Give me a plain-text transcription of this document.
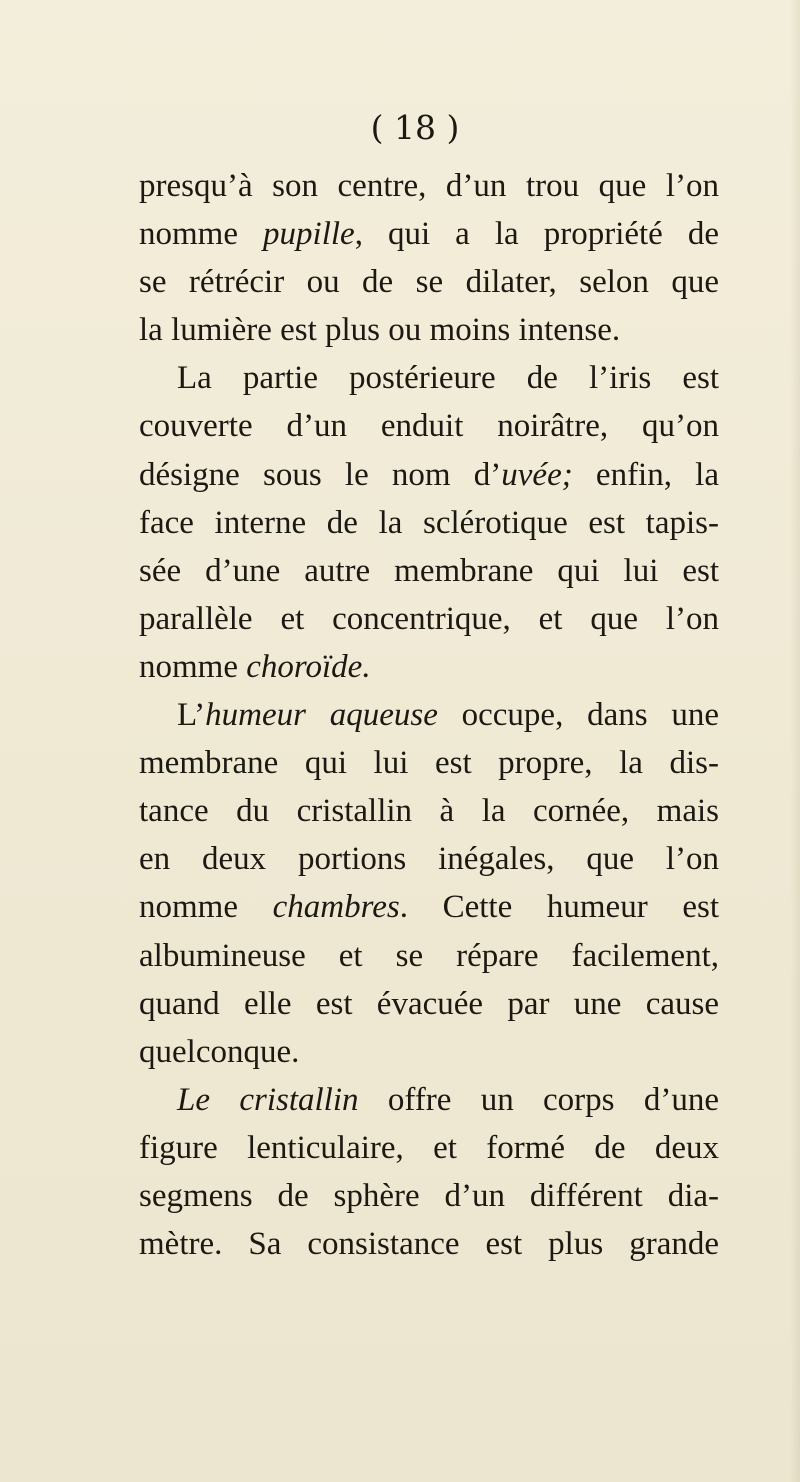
( 18 )
presqu’à son centre, d’un trou que l’on
nomme pupille, qui a la propriété de
se rétrécir ou de se dilater, selon que
la lumière est plus ou moins intense.
La partie postérieure de l’iris est
couverte d’un enduit noirâtre, qu’on
désigne sous le nom d’uvée; enfin, la
face interne de la sclérotique est tapis-
sée d’une autre membrane qui lui est
parallèle et concentrique, et que l’on
nomme choroïde.
L’humeur aqueuse occupe, dans une
membrane qui lui est propre, la dis-
tance du cristallin à la cornée, mais
en deux portions inégales, que l’on
nomme chambres. Cette humeur est
albumineuse et se répare facilement,
quand elle est évacuée par une cause
quelconque.
Le cristallin offre un corps d’une
figure lenticulaire, et formé de deux
segmens de sphère d’un différent dia-
mètre. Sa consistance est plus grande
